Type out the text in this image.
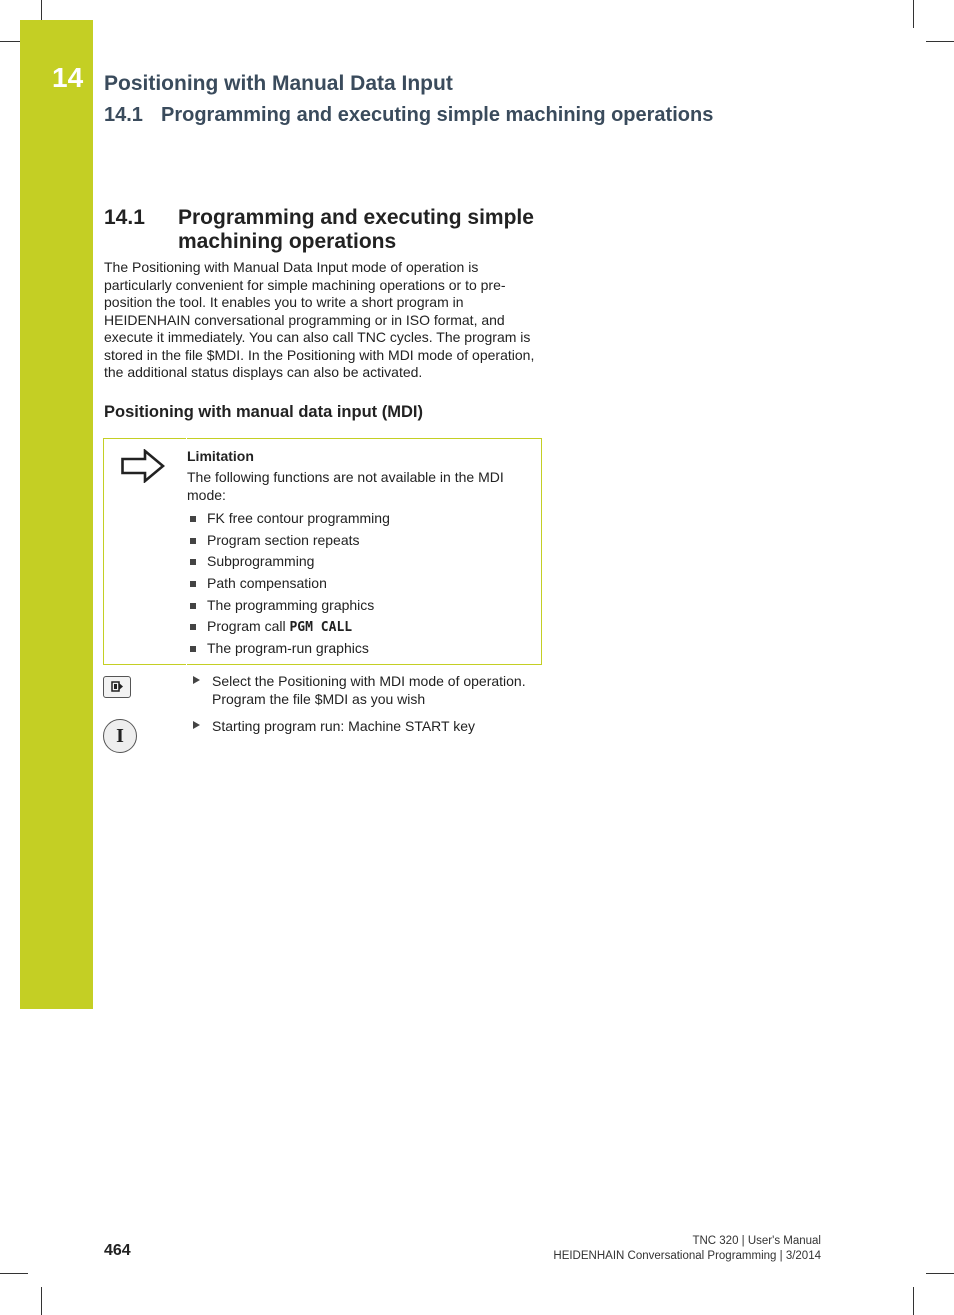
14 Positioning with Manual Data Input
14.1 Programming and executing simple machining operations
14.1 Programming and executing simple machining operations
The Positioning with Manual Data Input mode of operation is particularly convenient for simple machining operations or to pre-position the tool. It enables you to write a short program in HEIDENHAIN conversational programming or in ISO format, and execute it immediately. You can also call TNC cycles. The program is stored in the file $MDI. In the Positioning with MDI mode of operation, the additional status displays can also be activated.
Positioning with manual data input (MDI)
Limitation
The following functions are not available in the MDI mode:
FK free contour programming
Program section repeats
Subprogramming
Path compensation
The programming graphics
Program call PGM CALL
The program-run graphics
Select the Positioning with MDI mode of operation. Program the file $MDI as you wish
I	Starting program run: Machine START key
464
TNC 320 | User's Manual
HEIDENHAIN Conversational Programming | 3/2014
